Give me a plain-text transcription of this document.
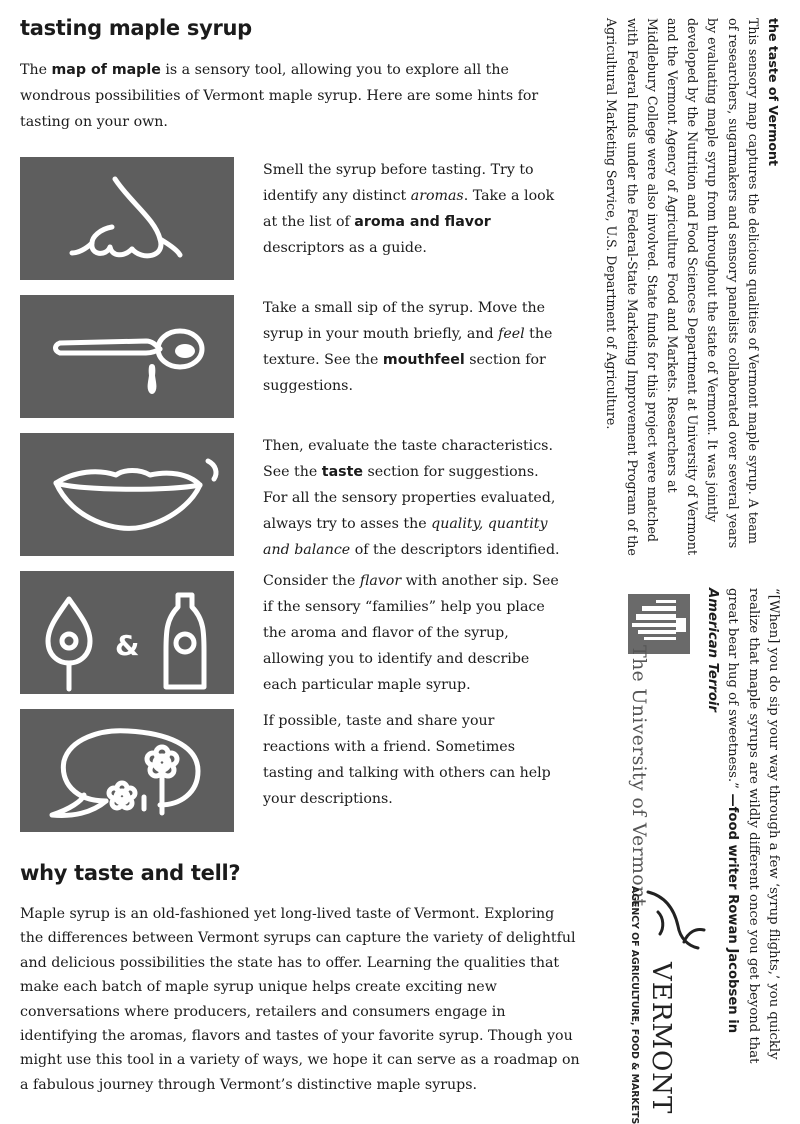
tasting maple syrup

The map of maple is a sensory tool, allowing you to explore all the wondrous possibilities of Vermont maple syrup. Here are some hints for tasting on your own.

&

Smell the syrup before tasting. Try to identify any distinct aromas. Take a look at the list of aroma and flavor descriptors as a guide.

Take a small sip of the syrup. Move the syrup in your mouth briefly, and feel the texture. See the mouthfeel section for suggestions.

Then, evaluate the taste characteristics. See the taste section for suggestions. For all the sensory properties evaluated, always try to asses the quality, quantity and balance of the descriptors identified.

Consider the flavor with another sip. See if the sensory “families” help you place the aroma and flavor of the syrup, allowing you to identify and describe each particular maple syrup.

If possible, taste and share your reactions with a friend. Sometimes tasting and talking with others can help your descriptions.

why taste and tell?

Maple syrup is an old-fashioned yet long-lived taste of Vermont. Exploring the differences between Vermont syrups can capture the variety of delightful and delicious possibilities the state has to offer. Learning the qualities that make each batch of maple syrup unique helps create exciting new conversations where producers, retailers and consumers engage in identifying the aromas, flavors and tastes of your favorite syrup. Though you might use this tool in a variety of ways, we hope it can serve as a roadmap on a fabulous journey through Vermont’s distinctive maple syrups.

the taste of Vermont
This sensory map captures the delicious qualities of Vermont maple syrup. A team of researchers, sugarmakers and sensory panelists collaborated over several years by evaluating maple syrup from throughout the state of Vermont. It was jointly developed by the Nutrition and Food Sciences Department at University of Vermont and the Vermont Agency of Agriculture Food and Markets. Researchers at Middlebury College were also involved. State funds for this project were matched with Federal funds under the Federal-State Marketing Improvement Program of the Agricultural Marketing Service, U.S. Department of Agriculture.
“[When] you do sip your way through a few ‘syrup flights,’ you quickly realize that maple syrups are wildly different once you get beyond that great bear hug of sweetness.” —food writer Rowan Jacobsen in American Terroir
The University of Vermont
VERMONT
AGENCY OF AGRICULTURE, FOOD & MARKETS
